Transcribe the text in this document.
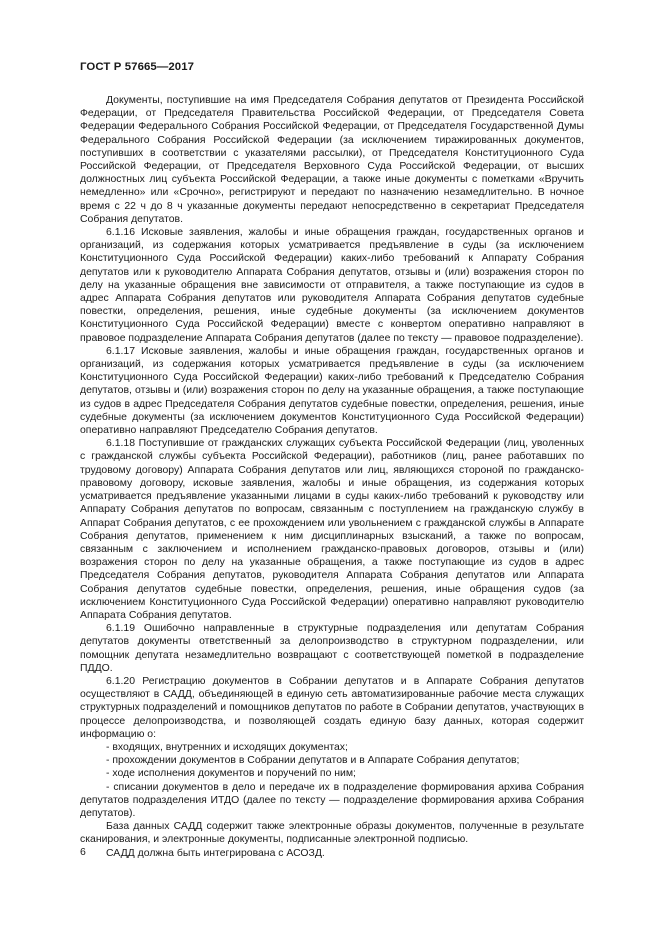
ГОСТ Р 57665—2017

Документы, поступившие на имя Председателя Собрания депутатов от Президента Российской Федерации, от Председателя Правительства Российской Федерации, от Председателя Совета Федерации Федерального Собрания Российской Федерации, от Председателя Государственной Думы Федерального Собрания Российской Федерации (за исключением тиражированных документов, поступивших в соответствии с указателями рассылки), от Председателя Конституционного Суда Российской Федерации, от Председателя Верховного Суда Российской Федерации, от высших должностных лиц субъекта Российской Федерации, а также иные документы с пометками «Вручить немедленно» или «Срочно», регистрируют и передают по назначению незамедлительно. В ночное время с 22 ч до 8 ч указанные документы передают непосредственно в секретариат Председателя Собрания депутатов.

6.1.16 Исковые заявления, жалобы и иные обращения граждан, государственных органов и организаций, из содержания которых усматривается предъявление в суды (за исключением Конституционного Суда Российской Федерации) каких-либо требований к Аппарату Собрания депутатов или к руководителю Аппарата Собрания депутатов, отзывы и (или) возражения сторон по делу на указанные обращения вне зависимости от отправителя, а также поступающие из судов в адрес Аппарата Собрания депутатов или руководителя Аппарата Собрания депутатов судебные повестки, определения, решения, иные судебные документы (за исключением документов Конституционного Суда Российской Федерации) вместе с конвертом оперативно направляют в правовое подразделение Аппарата Собрания депутатов (далее по тексту — правовое подразделение).

6.1.17 Исковые заявления, жалобы и иные обращения граждан, государственных органов и организаций, из содержания которых усматривается предъявление в суды (за исключением Конституционного Суда Российской Федерации) каких-либо требований к Председателю Собрания депутатов, отзывы и (или) возражения сторон по делу на указанные обращения, а также поступающие из судов в адрес Председателя Собрания депутатов судебные повестки, определения, решения, иные судебные документы (за исключением документов Конституционного Суда Российской Федерации) оперативно направляют Председателю Собрания депутатов.

6.1.18 Поступившие от гражданских служащих субъекта Российской Федерации (лиц, уволенных с гражданской службы субъекта Российской Федерации), работников (лиц, ранее работавших по трудовому договору) Аппарата Собрания депутатов или лиц, являющихся стороной по гражданско-правовому договору, исковые заявления, жалобы и иные обращения, из содержания которых усматривается предъявление указанными лицами в суды каких-либо требований к руководству или Аппарату Собрания депутатов по вопросам, связанным с поступлением на гражданскую службу в Аппарат Собрания депутатов, с ее прохождением или увольнением с гражданской службы в Аппарате Собрания депутатов, применением к ним дисциплинарных взысканий, а также по вопросам, связанным с заключением и исполнением гражданско-правовых договоров, отзывы и (или) возражения сторон по делу на указанные обращения, а также поступающие из судов в адрес Председателя Собрания депутатов, руководителя Аппарата Собрания депутатов или Аппарата Собрания депутатов судебные повестки, определения, решения, иные обращения судов (за исключением Конституционного Суда Российской Федерации) оперативно направляют руководителю Аппарата Собрания депутатов.

6.1.19 Ошибочно направленные в структурные подразделения или депутатам Собрания депутатов документы ответственный за делопроизводство в структурном подразделении, или помощник депутата незамедлительно возвращают с соответствующей пометкой в подразделение ПДДО.

6.1.20 Регистрацию документов в Собрании депутатов и в Аппарате Собрания депутатов осуществляют в САДД, объединяющей в единую сеть автоматизированные рабочие места служащих структурных подразделений и помощников депутатов по работе в Собрании депутатов, участвующих в процессе делопроизводства, и позволяющей создать единую базу данных, которая содержит информацию о:

- входящих, внутренних и исходящих документах;

- прохождении документов в Собрании депутатов и в Аппарате Собрания депутатов;

- ходе исполнения документов и поручений по ним;

- списании документов в дело и передаче их в подразделение формирования архива Собрания депутатов подразделения ИТДО (далее по тексту — подразделение формирования архива Собрания депутатов).

База данных САДД содержит также электронные образы документов, полученные в результате сканирования, и электронные документы, подписанные электронной подписью.

САДД должна быть интегрирована с АСОЗД.

6
